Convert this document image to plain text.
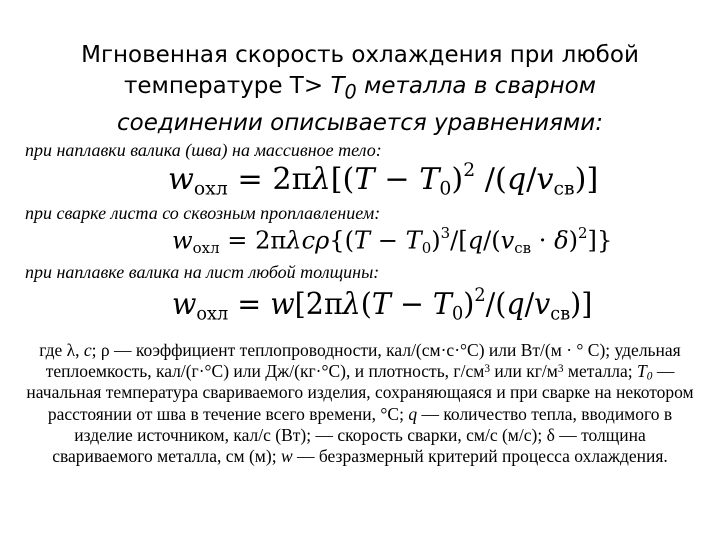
Мгновенная скорость охлаждения при любой
температуре $Т> Т_0$ металла в сварном
соединении описывается уравнениями:
при наплавки валика (шва) на массивное тело:
$w_{охл} = 2\pi\lambda[(T - T_0)^2$ $/(q/v_{св})$]
при сварке листа со сквозным проплавлением:
$w_{охл} = 2\pi\lambda c\rho\{(T - T_0)^3/[q/(v_{св} \cdot \delta)^2]\}$
при наплавке валика на лист любой толщины:
$w_{охл} = w[2\pi\lambda(T - T_0)^2/(q/v_{св})]$
где λ, с; ρ — коэффициент теплопроводности, кал/(см·с·°С) или Вт/(м · ° С); удельная теплоемкость, кал/(г·°С) или Дж/(кг·°С), и плотность, $г/см^3$ или $кг/м^3$ металла; $Т_0$ — начальная температура свариваемого изделия, сохраняющаяся и при сварке на некотором расстоянии от шва в течение всего времени, °С; q — количество тепла, вводимого в изделие источником, кал/с (Вт); — скорость сварки, см/с (м/с); δ — толщина свариваемого металла, см (м); w — безразмерный критерий процесса охлаждения.
